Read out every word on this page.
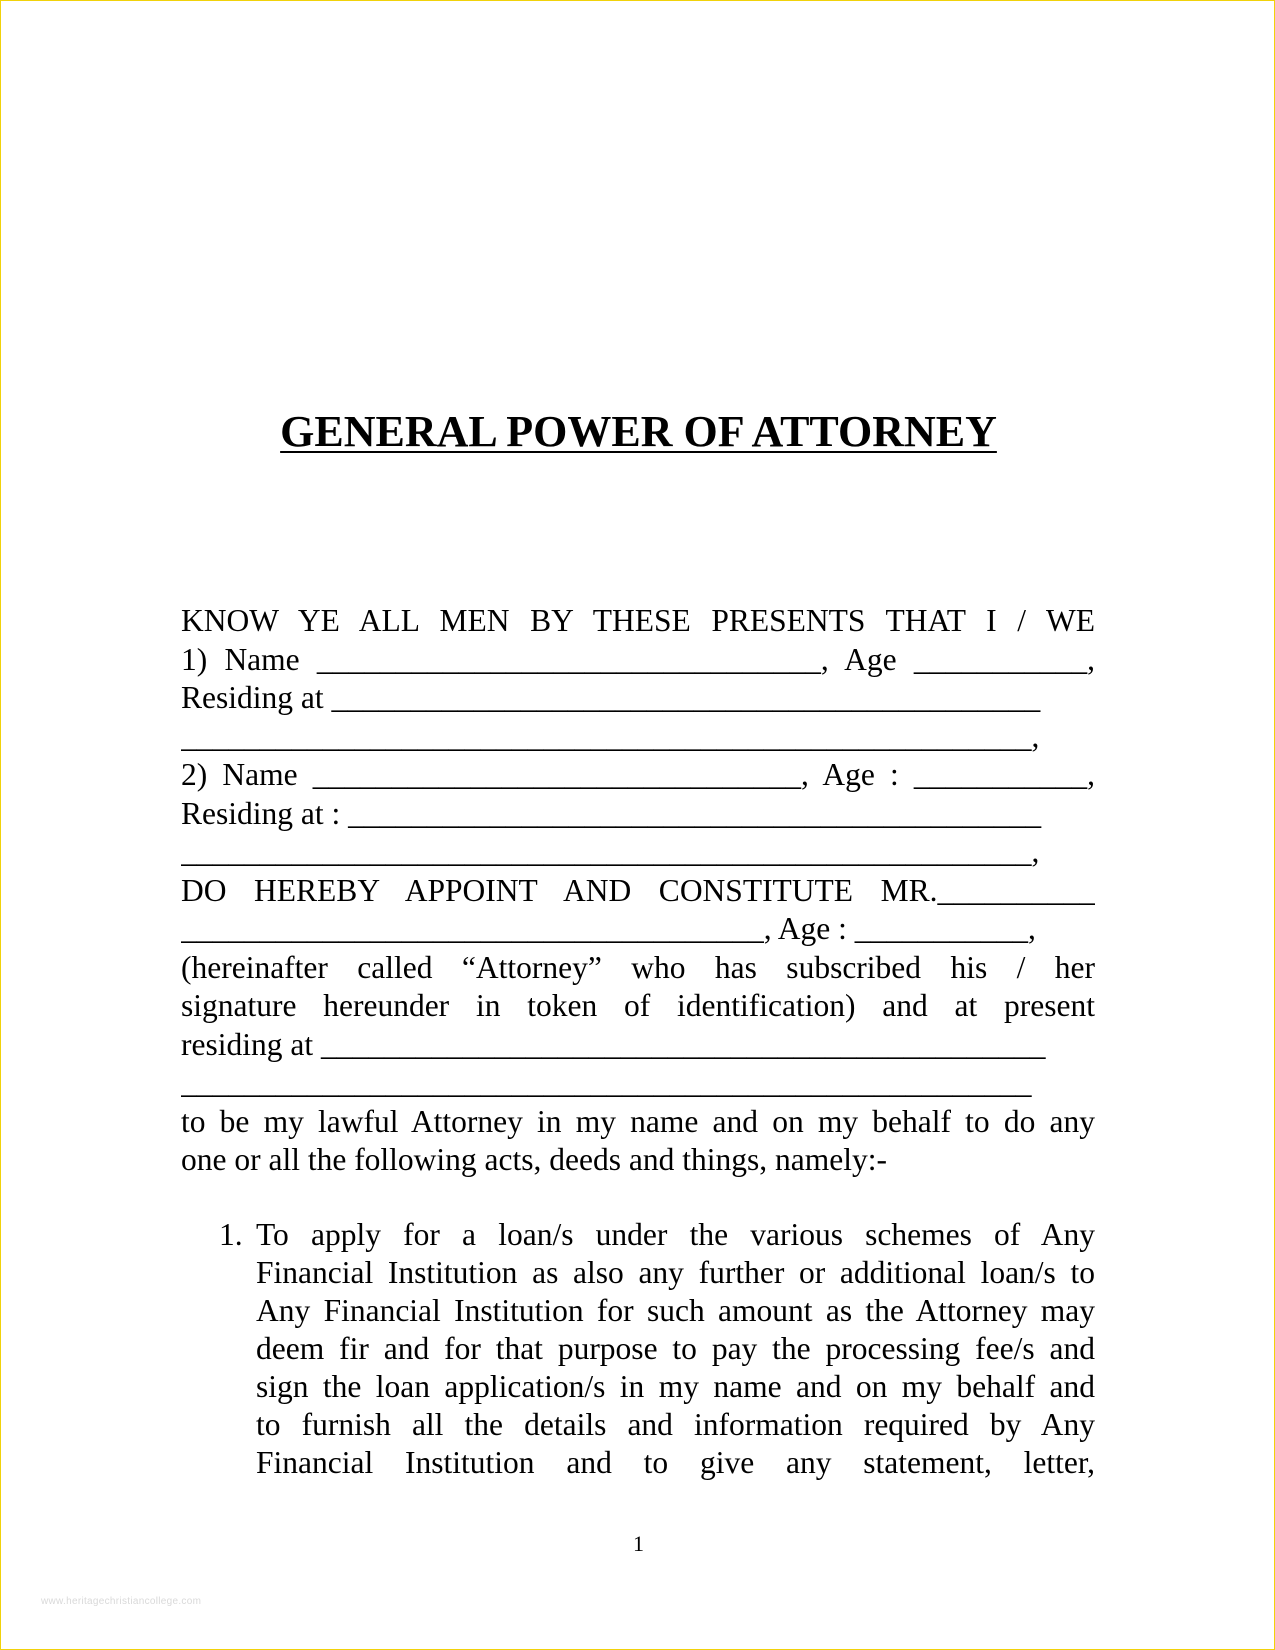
GENERAL POWER OF ATTORNEY
KNOW YE ALL MEN BY THESE PRESENTS THAT I / WE
1) Name ________________________________, Age ___________,
Residing at _____________________________________________
______________________________________________________,
2) Name _______________________________, Age : ___________,
Residing at : ____________________________________________
______________________________________________________,
DO HEREBY APPOINT AND CONSTITUTE MR.__________
_____________________________________, Age : ___________,
(hereinafter called “Attorney” who has subscribed his / her
signature hereunder in token of identification) and at present
residing at ______________________________________________
______________________________________________________
to be my lawful Attorney in my name and on my behalf to do any
one or all the following acts, deeds and things, namely:-
1. To apply for a loan/s under the various schemes of Any
Financial Institution as also any further or additional loan/s to
Any Financial Institution for such amount as the Attorney may
deem fir and for that purpose to pay the processing fee/s and
sign the loan application/s in my name and on my behalf and
to furnish all the details and information required by Any
Financial Institution and to give any statement, letter,
1
www.heritagechristiancollege.com
